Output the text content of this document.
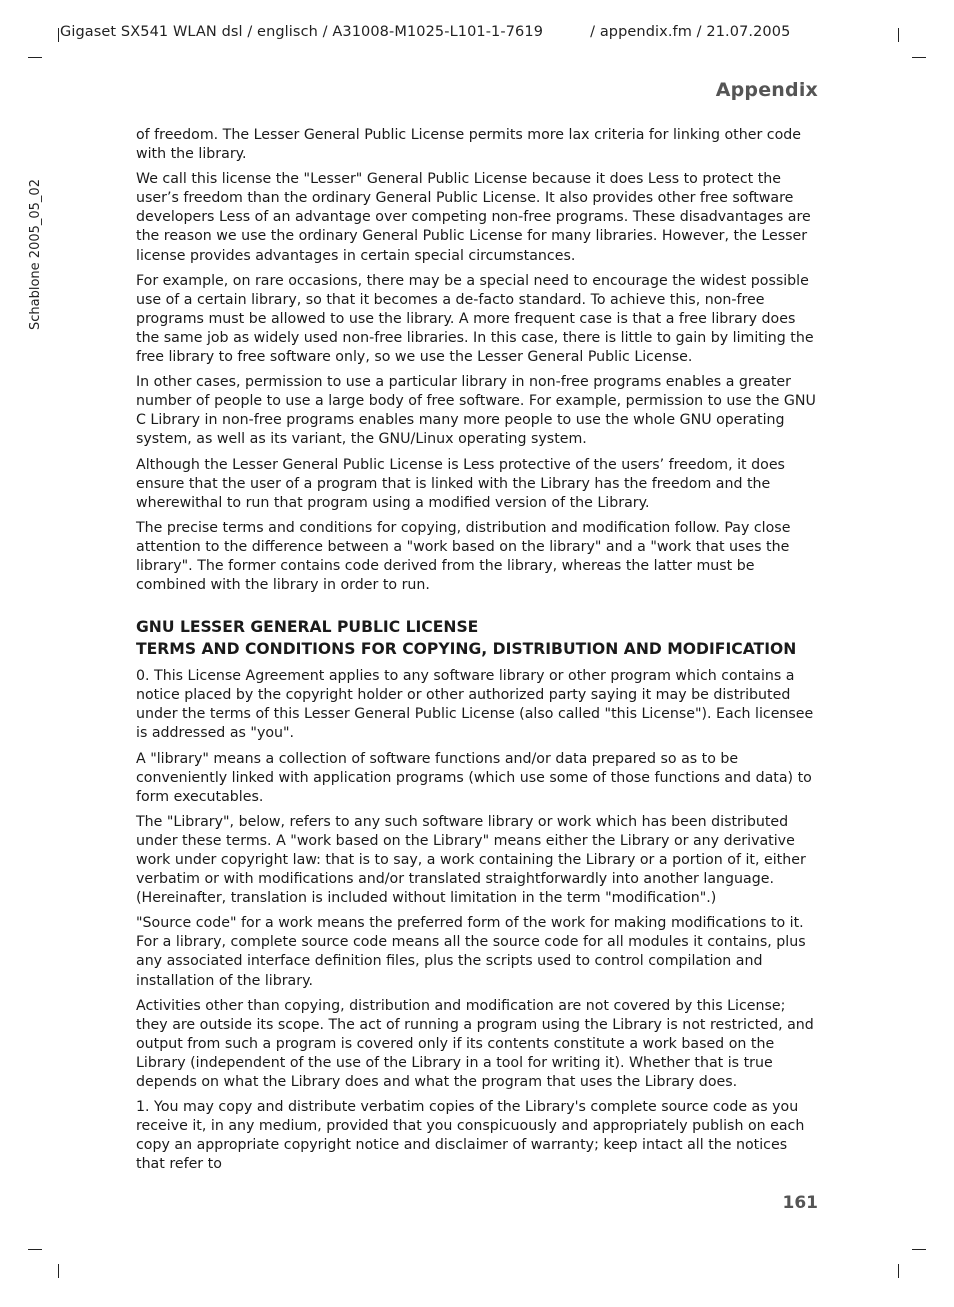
Gigaset SX541 WLAN dsl / englisch / A31008-M1025-L101-1-7619	/ appendix.fm / 21.07.2005
Appendix
Schablone 2005_05_02

of freedom. The Lesser General Public License permits more lax criteria for linking other code with the library.

We call this license the "Lesser" General Public License because it does Less to protect the user’s freedom than the ordinary General Public License. It also provides other free software developers Less of an advantage over competing non-free programs. These disadvantages are the reason we use the ordinary General Public License for many libraries. However, the Lesser license provides advantages in certain special circumstances.

For example, on rare occasions, there may be a special need to encourage the widest possible use of a certain library, so that it becomes a de-facto standard. To achieve this, non-free programs must be allowed to use the library. A more frequent case is that a free library does the same job as widely used non-free libraries. In this case, there is little to gain by limiting the free library to free software only, so we use the Lesser General Public License.

In other cases, permission to use a particular library in non-free programs enables a greater number of people to use a large body of free software. For example, permission to use the GNU C Library in non-free programs enables many more people to use the whole GNU operating system, as well as its variant, the GNU/Linux operating system.

Although the Lesser General Public License is Less protective of the users’ freedom, it does ensure that the user of a program that is linked with the Library has the freedom and the wherewithal to run that program using a modified version of the Library.

The precise terms and conditions for copying, distribution and modification follow. Pay close attention to the difference between a "work based on the library" and a "work that uses the library". The former contains code derived from the library, whereas the latter must be combined with the library in order to run.

GNU LESSER GENERAL PUBLIC LICENSE
TERMS AND CONDITIONS FOR COPYING, DISTRIBUTION AND MODIFICATION

0. This License Agreement applies to any software library or other program which contains a notice placed by the copyright holder or other authorized party saying it may be distributed under the terms of this Lesser General Public License (also called "this License"). Each licensee is addressed as "you".

A "library" means a collection of software functions and/or data prepared so as to be conveniently linked with application programs (which use some of those functions and data) to form executables.

The "Library", below, refers to any such software library or work which has been distributed under these terms. A "work based on the Library" means either the Library or any derivative work under copyright law: that is to say, a work containing the Library or a portion of it, either verbatim or with modifications and/or translated straightforwardly into another language. (Hereinafter, translation is included without limitation in the term "modification".)

"Source code" for a work means the preferred form of the work for making modifications to it. For a library, complete source code means all the source code for all modules it contains, plus any associated interface definition files, plus the scripts used to control compilation and installation of the library.

Activities other than copying, distribution and modification are not covered by this License; they are outside its scope. The act of running a program using the Library is not restricted, and output from such a program is covered only if its contents constitute a work based on the Library (independent of the use of the Library in a tool for writing it). Whether that is true depends on what the Library does and what the program that uses the Library does.

1. You may copy and distribute verbatim copies of the Library's complete source code as you receive it, in any medium, provided that you conspicuously and appropriately publish on each copy an appropriate copyright notice and disclaimer of warranty; keep intact all the notices that refer to

161
